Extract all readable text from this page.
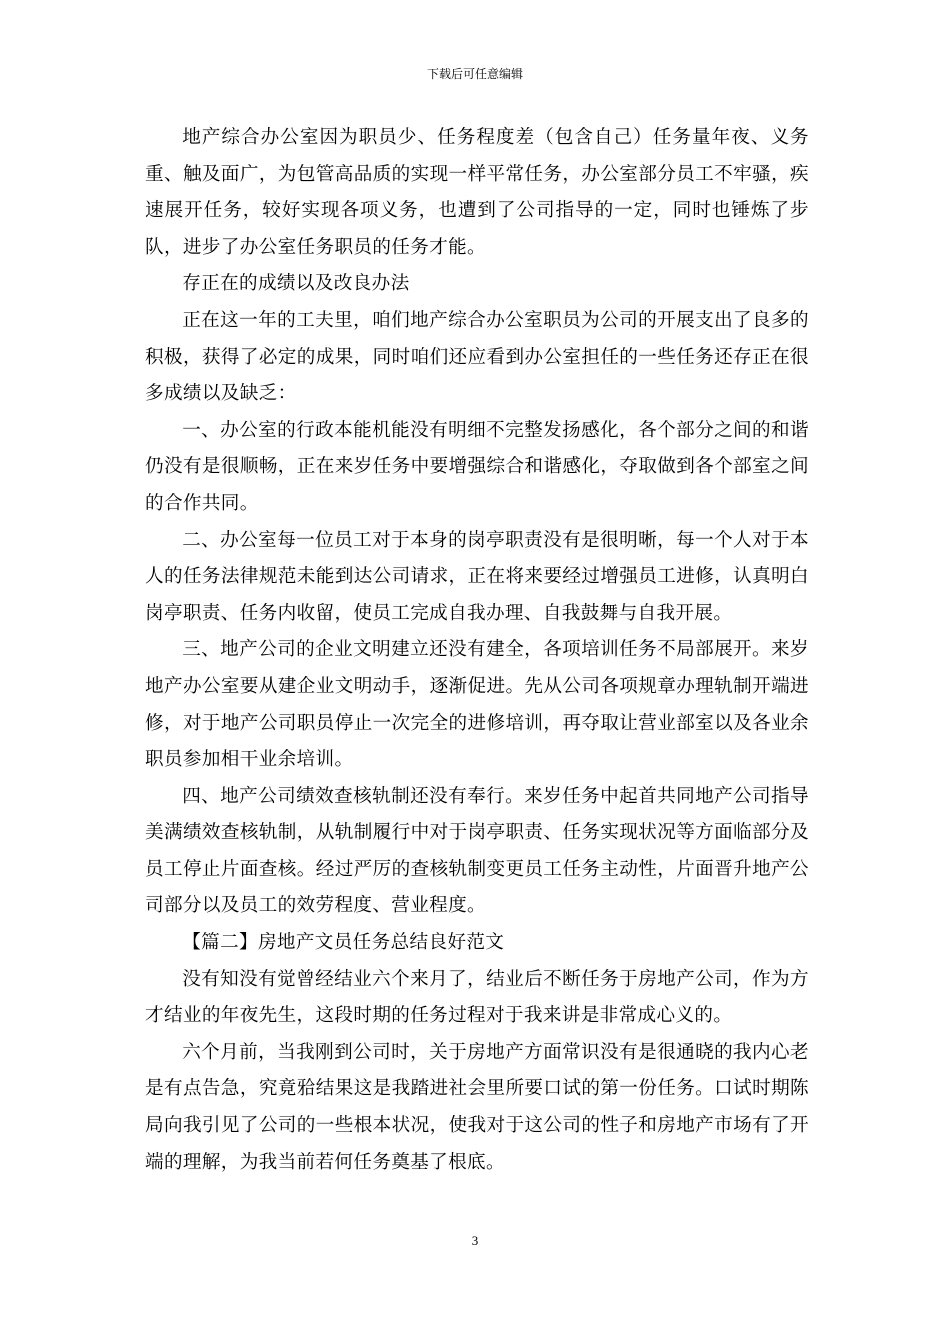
下载后可任意编辑

地产综合办公室因为职员少、任务程度差（包含自己）任务量年夜、义务重、触及面广，为包管高品质的实现一样平常任务，办公室部分员工不牢骚，疾速展开任务，较好实现各项义务，也遭到了公司指导的一定，同时也锤炼了步队，进步了办公室任务职员的任务才能。

存正在的成绩以及改良办法

正在这一年的工夫里，咱们地产综合办公室职员为公司的开展支出了良多的积极，获得了必定的成果，同时咱们还应看到办公室担任的一些任务还存正在很多成绩以及缺乏：

一、办公室的行政本能机能没有明细不完整发扬感化，各个部分之间的和谐仍没有是很顺畅，正在来岁任务中要增强综合和谐感化，夺取做到各个部室之间的合作共同。

二、办公室每一位员工对于本身的岗亭职责没有是很明晰，每一个人对于本人的任务法律规范未能到达公司请求，正在将来要经过增强员工进修，认真明白岗亭职责、任务内收留，使员工完成自我办理、自我鼓舞与自我开展。

三、地产公司的企业文明建立还没有建全，各项培训任务不局部展开。来岁地产办公室要从建企业文明动手，逐渐促进。先从公司各项规章办理轨制开端进修，对于地产公司职员停止一次完全的进修培训，再夺取让营业部室以及各业余职员参加相干业余培训。

四、地产公司绩效查核轨制还没有奉行。来岁任务中起首共同地产公司指导美满绩效查核轨制，从轨制履行中对于岗亭职责、任务实现状况等方面临部分及员工停止片面查核。经过严厉的查核轨制变更员工任务主动性，片面晋升地产公司部分以及员工的效劳程度、营业程度。

【篇二】房地产文员任务总结良好范文

没有知没有觉曾经结业六个来月了，结业后不断任务于房地产公司，作为方才结业的年夜先生，这段时期的任务过程对于我来讲是非常成心义的。

六个月前，当我刚到公司时，关于房地产方面常识没有是很通晓的我内心老是有点告急，究竟𬌗结果这是我踏进社会里所要口试的第一份任务。口试时期陈局向我引见了公司的一些根本状况，使我对于这公司的性子和房地产市场有了开端的理解，为我当前若何任务奠基了根底。

3
